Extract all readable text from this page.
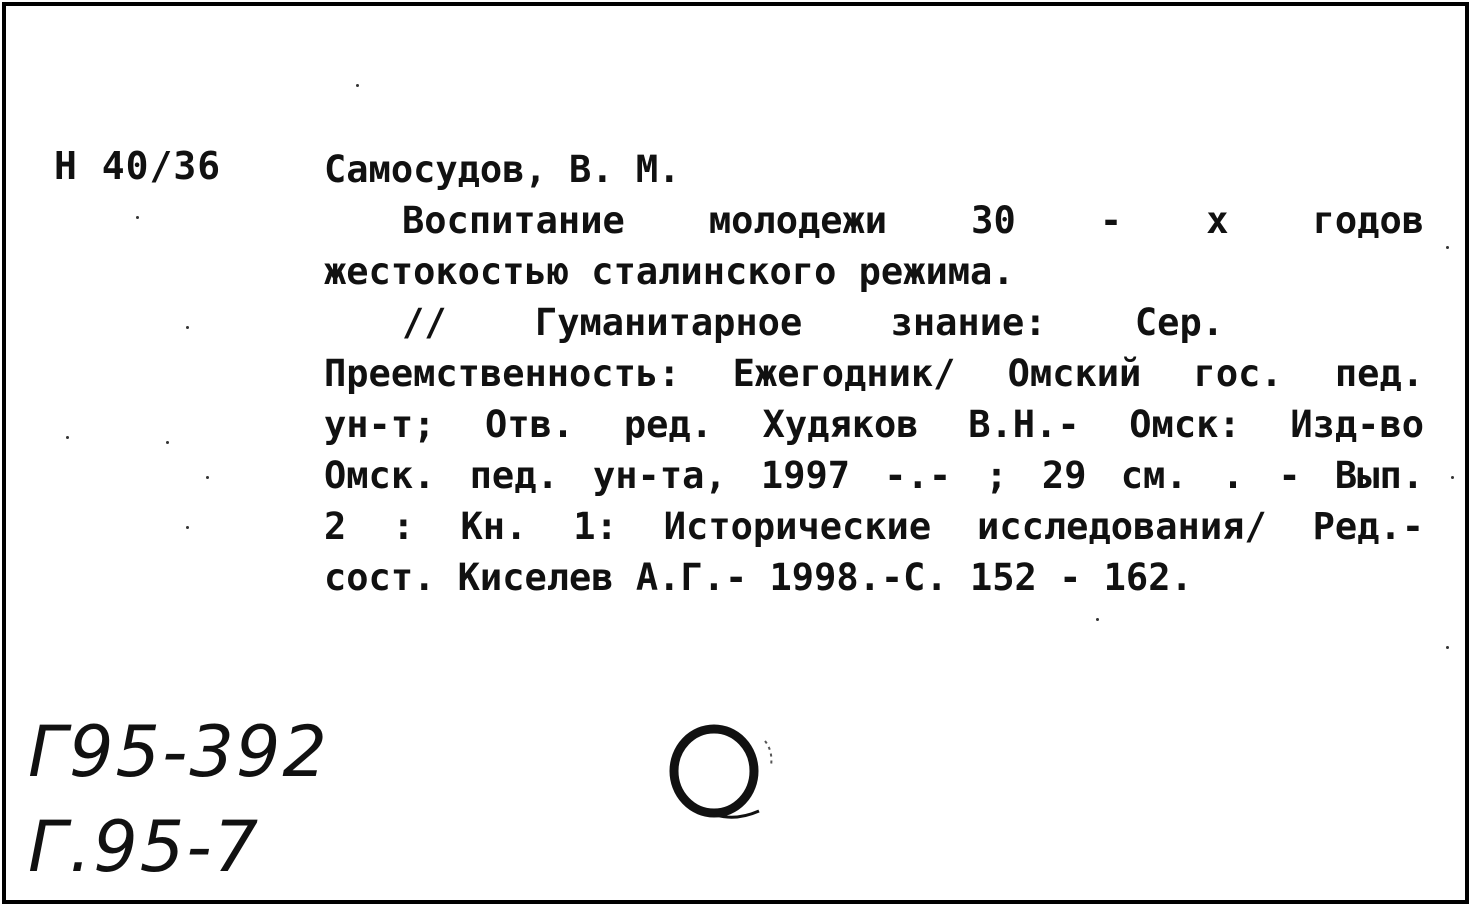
Н 40/36	Самосудов, В. М.
Воспитание молодежи 30 - х годов
жестокостью сталинского режима.
// Гуманитарное знание: Сер.
Преемственность: Ежегодник/ Омский гос. пед.
ун-т; Отв. ред. Худяков В.Н.- Омск: Изд-во
Омск. пед. ун-та, 1997 -.- ; 29 см. . - Вып.
2 : Кн. 1: Исторические исследования/ Ред.-
сост. Киселев А.Г.- 1998.-С. 152 - 162.
Г95-392
Г.95-7
